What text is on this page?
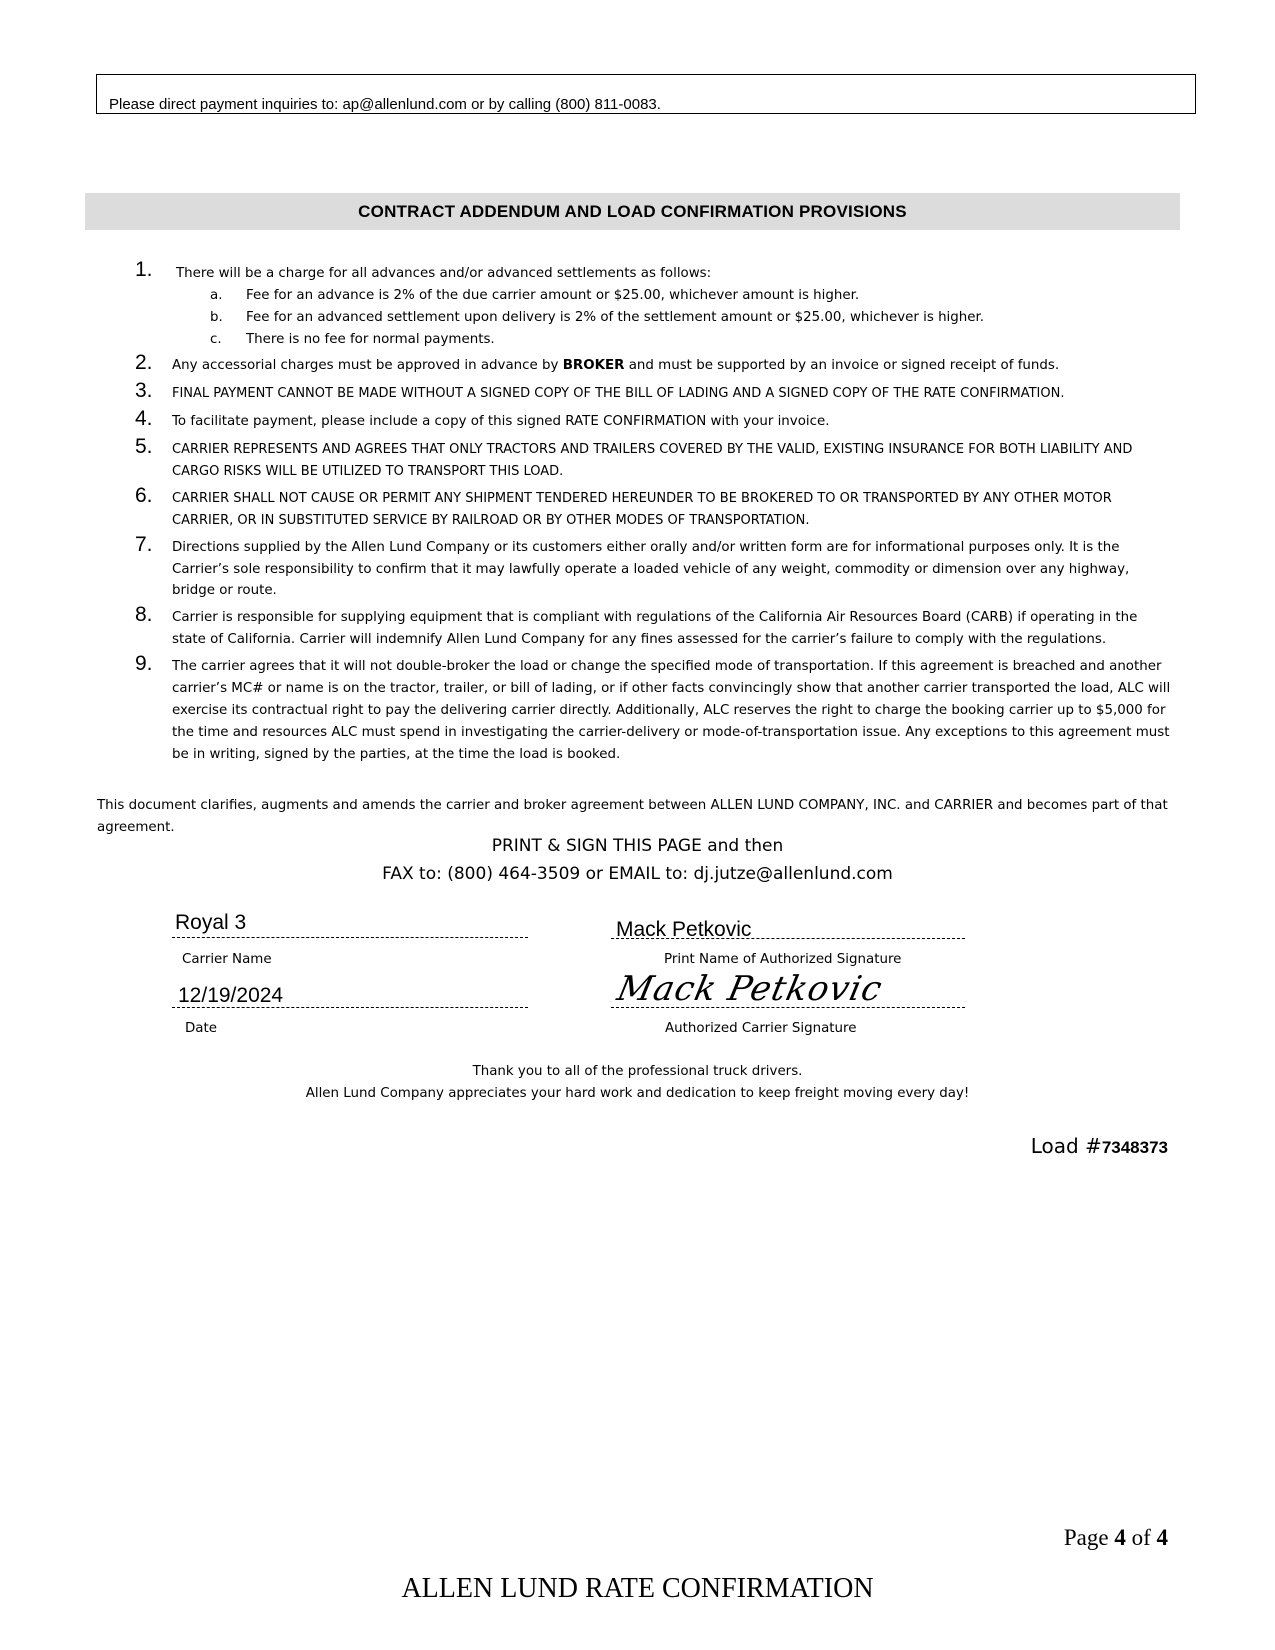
Please direct payment inquiries to: ap@allenlund.com or by calling (800) 811-0083.
CONTRACT ADDENDUM AND LOAD CONFIRMATION PROVISIONS
1. There will be a charge for all advances and/or advanced settlements as follows:
a. Fee for an advance is 2% of the due carrier amount or $25.00, whichever amount is higher.
b. Fee for an advanced settlement upon delivery is 2% of the settlement amount or $25.00, whichever is higher.
c. There is no fee for normal payments.
2. Any accessorial charges must be approved in advance by BROKER and must be supported by an invoice or signed receipt of funds.
3. FINAL PAYMENT CANNOT BE MADE WITHOUT A SIGNED COPY OF THE BILL OF LADING AND A SIGNED COPY OF THE RATE CONFIRMATION.
4. To facilitate payment, please include a copy of this signed RATE CONFIRMATION with your invoice.
5. CARRIER REPRESENTS AND AGREES THAT ONLY TRACTORS AND TRAILERS COVERED BY THE VALID, EXISTING INSURANCE FOR BOTH LIABILITY AND
CARGO RISKS WILL BE UTILIZED TO TRANSPORT THIS LOAD.
6. CARRIER SHALL NOT CAUSE OR PERMIT ANY SHIPMENT TENDERED HEREUNDER TO BE BROKERED TO OR TRANSPORTED BY ANY OTHER MOTOR
CARRIER, OR IN SUBSTITUTED SERVICE BY RAILROAD OR BY OTHER MODES OF TRANSPORTATION.
7. Directions supplied by the Allen Lund Company or its customers either orally and/or written form are for informational purposes only. It is the
Carrier’s sole responsibility to confirm that it may lawfully operate a loaded vehicle of any weight, commodity or dimension over any highway,
bridge or route.
8. Carrier is responsible for supplying equipment that is compliant with regulations of the California Air Resources Board (CARB) if operating in the
state of California. Carrier will indemnify Allen Lund Company for any fines assessed for the carrier’s failure to comply with the regulations.
9. The carrier agrees that it will not double-broker the load or change the specified mode of transportation. If this agreement is breached and another
carrier’s MC# or name is on the tractor, trailer, or bill of lading, or if other facts convincingly show that another carrier transported the load, ALC will
exercise its contractual right to pay the delivering carrier directly. Additionally, ALC reserves the right to charge the booking carrier up to $5,000 for
the time and resources ALC must spend in investigating the carrier-delivery or mode-of-transportation issue. Any exceptions to this agreement must
be in writing, signed by the parties, at the time the load is booked.
This document clarifies, augments and amends the carrier and broker agreement between ALLEN LUND COMPANY, INC. and CARRIER and becomes part of that
agreement.
PRINT & SIGN THIS PAGE and then
FAX to: (800) 464-3509 or EMAIL to: dj.jutze@allenlund.com
Royal 3
Carrier Name
Mack Petkovic
Print Name of Authorized Signature
12/19/2024
Date
Mack Petkovic
Authorized Carrier Signature
Thank you to all of the professional truck drivers.
Allen Lund Company appreciates your hard work and dedication to keep freight moving every day!
Load #7348373
Page 4 of 4
ALLEN LUND RATE CONFIRMATION
